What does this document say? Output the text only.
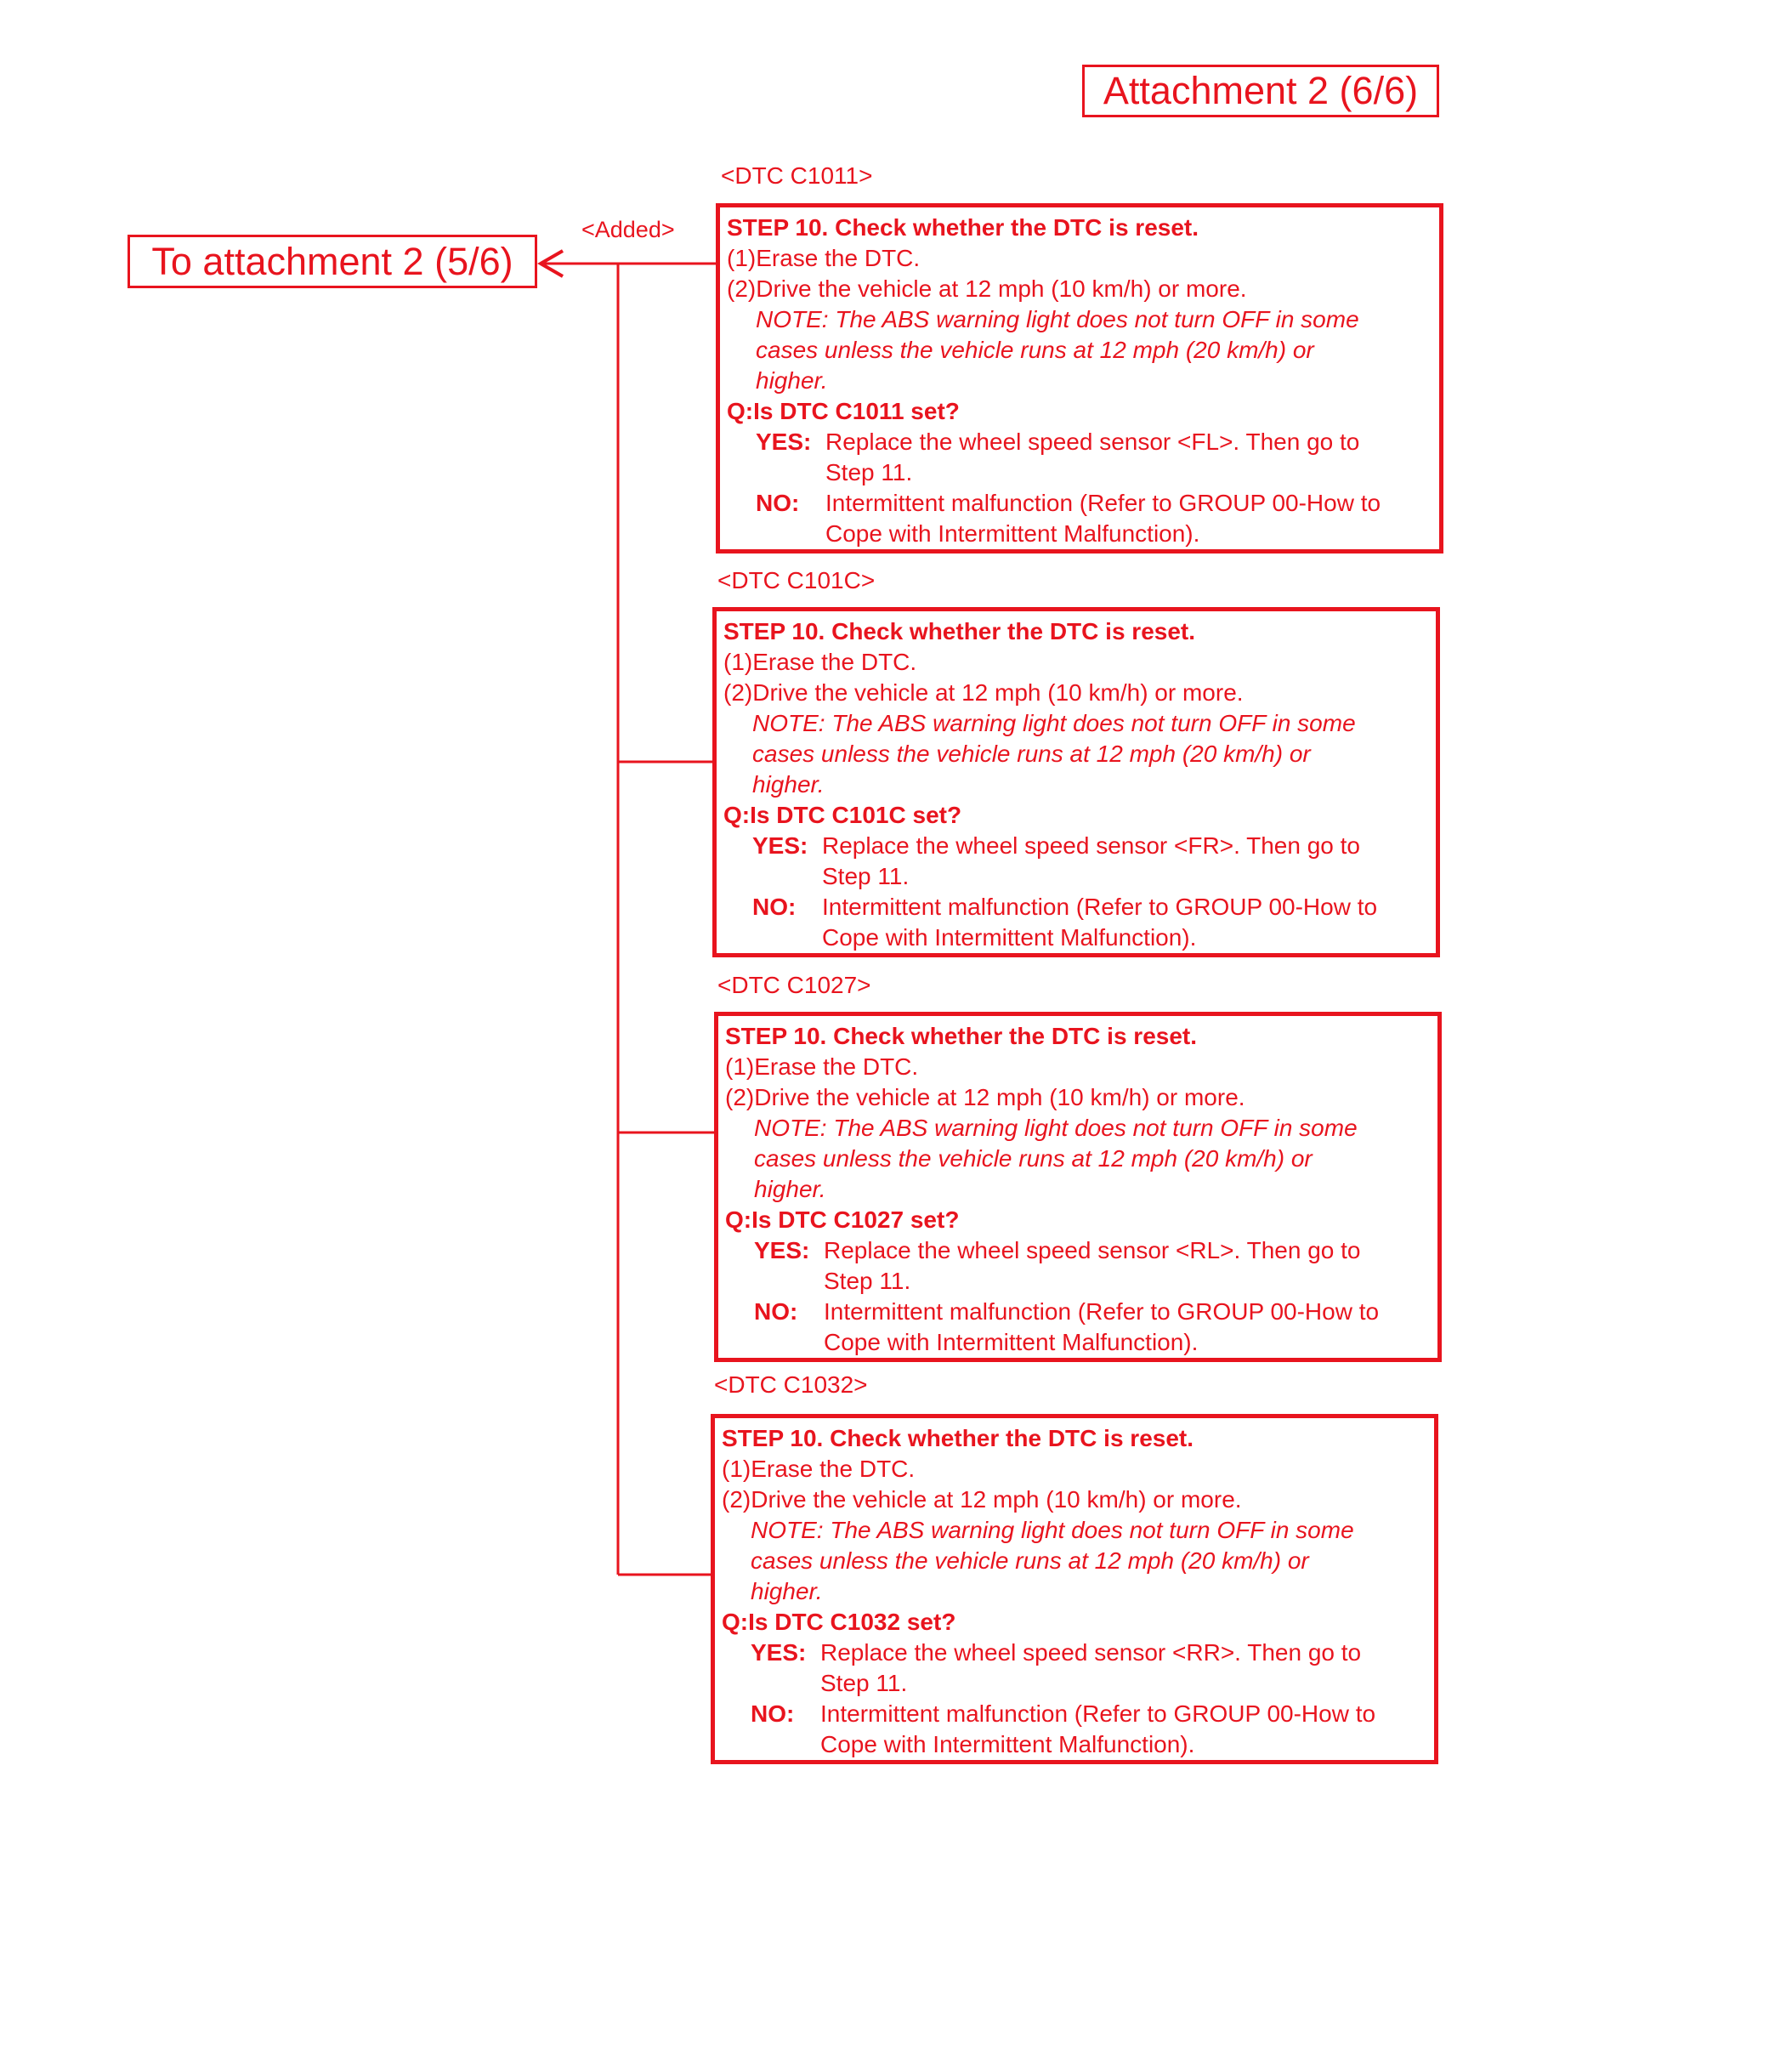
Attachment 2 (6/6)
To attachment 2 (5/6)
<Added>
<DTC C1011>
STEP 10. Check whether the DTC is reset.
(1)Erase the DTC.
(2)Drive the vehicle at 12 mph (10 km/h) or more.
NOTE: The ABS warning light does not turn OFF in some
cases unless the vehicle runs at 12 mph (20 km/h) or
higher.
Q:Is DTC C1011 set?
YES: Replace the wheel speed sensor <FL>. Then go to
Step 11.
NO: Intermittent malfunction (Refer to GROUP 00-How to
Cope with Intermittent Malfunction).
<DTC C101C>
STEP 10. Check whether the DTC is reset.
(1)Erase the DTC.
(2)Drive the vehicle at 12 mph (10 km/h) or more.
NOTE: The ABS warning light does not turn OFF in some
cases unless the vehicle runs at 12 mph (20 km/h) or
higher.
Q:Is DTC C101C set?
YES: Replace the wheel speed sensor <FR>. Then go to
Step 11.
NO: Intermittent malfunction (Refer to GROUP 00-How to
Cope with Intermittent Malfunction).
<DTC C1027>
STEP 10. Check whether the DTC is reset.
(1)Erase the DTC.
(2)Drive the vehicle at 12 mph (10 km/h) or more.
NOTE: The ABS warning light does not turn OFF in some
cases unless the vehicle runs at 12 mph (20 km/h) or
higher.
Q:Is DTC C1027 set?
YES: Replace the wheel speed sensor <RL>. Then go to
Step 11.
NO: Intermittent malfunction (Refer to GROUP 00-How to
Cope with Intermittent Malfunction).
<DTC C1032>
STEP 10. Check whether the DTC is reset.
(1)Erase the DTC.
(2)Drive the vehicle at 12 mph (10 km/h) or more.
NOTE: The ABS warning light does not turn OFF in some
cases unless the vehicle runs at 12 mph (20 km/h) or
higher.
Q:Is DTC C1032 set?
YES: Replace the wheel speed sensor <RR>. Then go to
Step 11.
NO: Intermittent malfunction (Refer to GROUP 00-How to
Cope with Intermittent Malfunction).
